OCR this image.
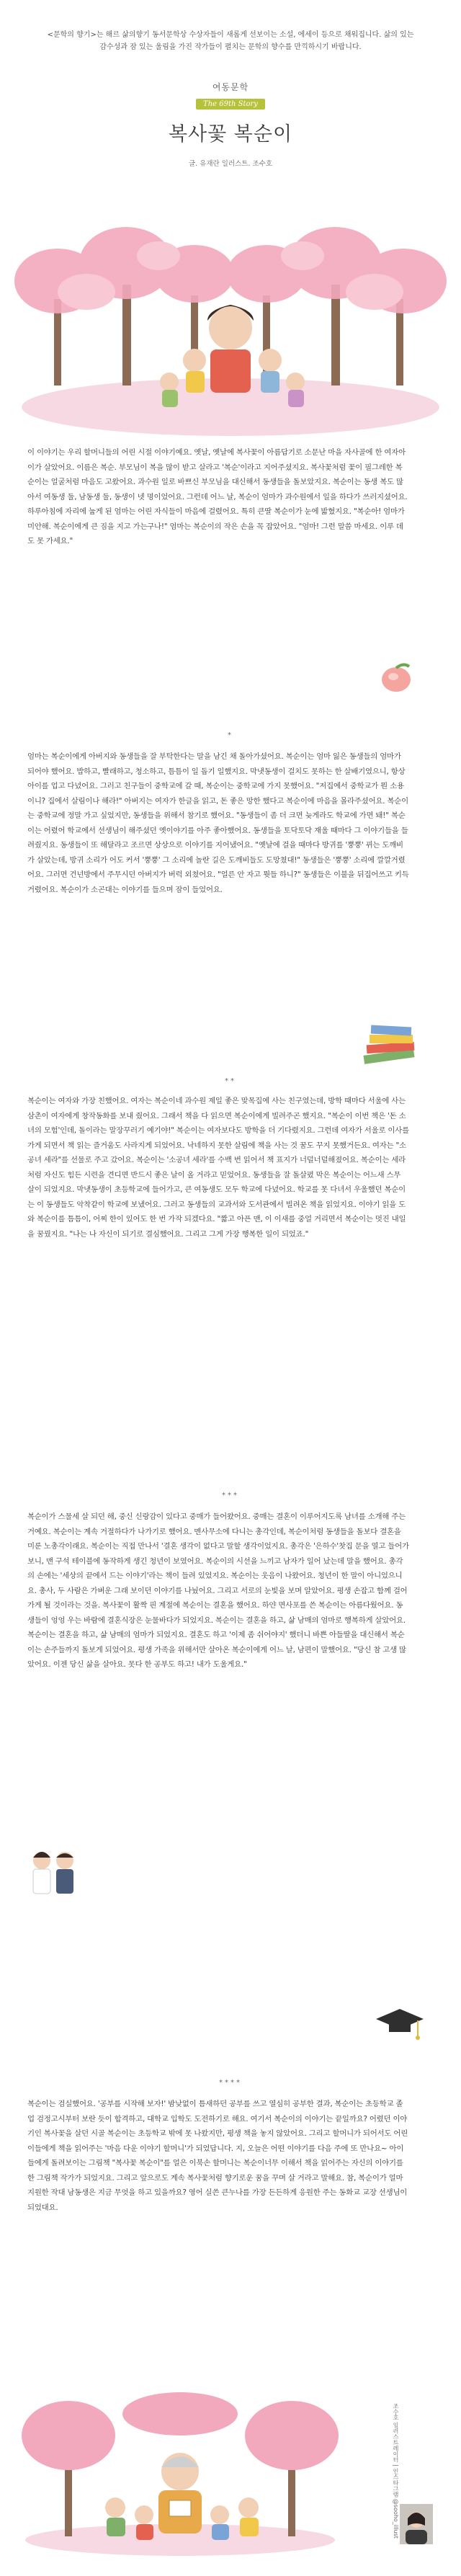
<문학의 향기>는 해르 삶의향기 동서문학상 수상자들이 새롭게 선보이는 소설, 에세이 등으로 채워집니다. 삶의 있는 감수성과 잠 있는 울림을 가진 작가들이 펼치는 문학의 향수를 만끽하시기 바랍니다.
여동문학
The 69th Story
복사꽃 복순이
글. 유재란 일러스트. 조수호

이 이야기는 우리 할머니들의 어린 시절 이야기예요. 옛날, 옛날에 복사꽃이 아름답기로 소문난 마을 자사골에 한 여자아이가 살았어요. 이름은 복순. 부모님이 복을 많이 받고 살라고 '복순'이라고 지어주셨지요. 복사꽃처럼 꽃이 필그레한 복순이는 얼굴처럼 마음도 고왔어요. 과수원 일로 바쁘신 부모님을 대신해서 동생들을 돌보았지요. 복순이는 동생 복도 많아서 여동생 둘, 남동생 둘, 동생이 넷 명이었어요. 그런데 어느 날, 복순이 엄마가 과수원에서 일을 하다가 쓰러지셨어요. 하루아침에 자리에 눕게 된 엄마는 어린 자식들이 마음에 걸렸어요. 특히 큰딸 복순이가 눈에 밟혔지요. "복순아! 엄마가 미안해. 복순이에게 큰 짐을 지고 가는구나!" 엄마는 복순이의 작은 손을 꼭 잡았어요. "엄마! 그런 말씀 마세요. 이루 데도 못 가세요."

*

엄마는 복순이에게 아버지와 동생들을 잘 부탁한다는 말을 남긴 채 돌아가셨어요. 복순이는 엄마 잃은 동생들의 엄마가 되어야 했어요. 밥하고, 빨래하고, 청소하고, 틈틈이 일 돕기 일했지요. 막냇동생이 걸치도 못하는 한 살배기였으니, 항상 아이를 업고 다녔어요. 그러고 친구들이 중학교에 갈 때, 복순이는 중학교에 가지 못했어요. "저집에서 중학교가 뭔 소용이니? 집에서 살림이나 해라!" 아버지는 여자가 한글을 읽고, 돈 좋은 망한 했다고 복순이에 마음을 몰라주셨어요. 복순이는 중학교에 정말 가고 싶었지만, 동생들을 위해서 참기로 했어요. "동생들이 좀 더 크면 늦게라도 학교에 가면 돼!" 복순이는 어렸어 학교에서 선생님이 해주셨던 옛이야기를 아주 좋아했어요. 동생들을 토닥토닥 재울 때마다 그 이야기들을 들려줬지요. 동생들이 또 해달라고 조르면 상상으로 이야기를 지어냈어요. "옛날에 걸을 때마다 방귀를 '뿡뿡' 뀌는 도깨비가 살았는데, 방귀 소리가 어도 커서 '뿡뿡' 그 소리에 놀란 길은 도깨비들도 도망쳤대!" 동생들은 '뿡뿡' 소리에 깔깔거렸어요. 그러면 건넌방에서 주무시던 아버지가 버럭 외쳤어요. "얼른 안 자고 뭣들 하니?" 동생들은 이불을 뒤집어쓰고 키득거렸어요. 복순이가 소곤대는 이야기를 들으며 잠이 들었어요.

**

복순이는 여자와 가장 친했어요. 여자는 복순이네 과수원 제일 좋은 맞목집에 사는 친구였는데, 방학 때마다 서울에 사는 삼촌이 여자에게 창작동화를 보내 줬어요. 그래서 책을 다 읽으면 복순이에게 빌려주곤 했지요. "복순이 이번 책은 '돈 소녀의 모험'인데, 돌이라는 말장꾸러기 예기야!" 복순이는 여자보다도 방학을 더 기다렸지요. 그런데 여자가 서울로 이사를 가게 되면서 책 읽는 즐거움도 사라지게 되었어요. 낙네하지 못한 살림에 책을 사는 것 꿈도 꾸지 못했거든요. 여자는 "소공녀 세라"를 선물로 주고 갔어요. 복순이는 '소공녀 세라'를 수백 번 읽어서 책 표지가 너덜너덜해졌어요. 복순이는 세라처럼 자신도 힘든 시련을 견디면 반드시 좋은 날이 올 거라고 믿었어요. 동생들을 잘 돌살폈 막은 복순이는 어느새 스무 살이 되었지요. 막냇동생이 초등학교에 들어가고, 큰 여동생도 모두 학교에 다녔어요. 학교를 못 다녀서 우울했던 복순이는 이 동생들도 악착같이 학교에 보냈어요. 그러고 동생들의 교과서와 도서관에서 빌려온 책을 읽었지요. 이야기 읽을 도와 복순이를 틈틈이, 어찌 한이 있어도 한 번 가작 되겠다요. "짧고 아픈 맨, 이 이새를 중얼 거리면서 복순이는 멋진 내일을 꿈꿨지요. "나는 나 자신이 되기로 결심했어요. 그리고 그게 가장 행복한 일이 되었죠."

***

복순이가 스물세 살 되던 해, 중신 신랑감이 있다고 중매가 들어왔어요. 중매는 결혼이 이루어지도록 남녀를 소개해 주는 거예요. 복순이는 계속 거절하다가 나가기로 했어요. 멘사무소에 다니는 총각인데, 복순이처럼 동생들을 돌보다 결혼을 미룬 노총각이래요. 복순이는 직접 만나서 '결혼 생각이 없다고 말할 생각이었지요. 총각은 '은하수'찻집 문을 열고 들어가 보니, 맨 구석 테이블에 동작하게 생긴 청년이 보였어요. 복순이의 시선을 느끼고 남자가 일어 났는데 말을 했어요. 총각의 손에는 '세상의 끝에서 드는 이야기'라는 책이 들려 있었지요. 복순이는 웃음이 나왔어요. 청년이 한 말이 아니었으니 요. 총사, 두 사람은 가벼운 그래 보이던 이야기를 나눴어요. 그리고 서로의 눈빛을 보며 알았어요. 평생 손잡고 함께 걸어가게 될 것이라는 것을. 복사꽃이 활짝 핀 계절에 복순이는 결혼을 했어요. 하얀 면사포를 쓴 복순이는 아름다웠어요. 동생들이 엉엉 우는 바람에 결혼식장은 눈물바다가 되었지요. 복순이는 결혼을 하고, 삶 남매의 엄마로 행복하게 살았어요. 복순이는 결혼을 하고, 삶 남매의 엄마가 되었지요. 결혼도 하고 '이제 좀 쉬어야지' 했더니 바쁜 아들딸을 대신해서 복순이는 손주들까지 돌보게 되었어요. 평생 가족을 위해서만 살아온 복순이에게 어느 날, 남편이 말했어요. "당신 참 고생 많았어요. 이젠 당신 삶을 살아요. 못다 한 공부도 하고! 내가 도울게요."

****

복순이는 검실했어요. '공부를 시작해 보자!' 밤낮없이 틈새하던 공부를 쓰고 열심히 공부한 결과, 복순이는 초등학교 졸업 검정고시부터 보란 듯이 합격하고, 대학교 입학도 도전하기로 해요. 여기서 복순이의 이야기는 끝일까요? 어렸던 이야기인 복사꽃을 살던 시골 복순이는 초등학교 밖에 못 나왔지만, 평생 책을 놓지 않았어요. 그리고 할머니가 되어서도 어린이들에게 책을 읽어주는 '마음 다운 이야기 할머니'가 되었답니다. 지, 오늘은 어떤 이야기를 다음 주에 또 만나요~ 아이들에게 돌려보이는 그림책 "복사꽃 복순이"를 얼은 이북손 할머니는 복순이너무 이해서 책을 읽어주는 자신의 이야기를 한 그림책 작가가 되었지요. 그리고 앞으로도 계속 복사꽃처럼 향기로운 꿈을 꾸며 살 거라고 말해요. 참, 복순이가 얼마 지원한 작대 남동생은 지금 무엇을 하고 있을까요? 영어 실쓴 큰누나를 가장 든든하게 응원한 주는 동화교 교장 선생님이 되었대요.

조수호 일러스트레이터 | 인스타그램 @sooho_illust
